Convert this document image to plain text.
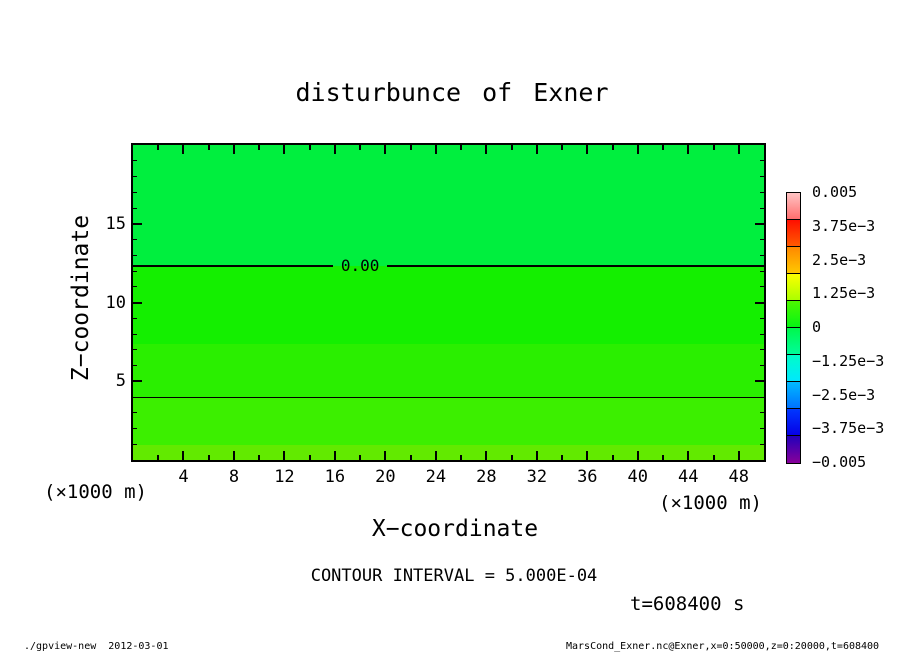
disturbunce of Exner
0.00
4 8 12 16 20 24 28 32 36 40 44 48
5
10
15
X−coordinate
Z−coordinate
(×1000 m)	(×1000 m)
0.005
3.75e−3
2.5e−3
1.25e−3
0
−1.25e−3
−2.5e−3
−3.75e−3
−0.005
CONTOUR INTERVAL = 5.000E-04
t=608400 s
./gpview-new  2012-03-01	MarsCond_Exner.nc@Exner,x=0:50000,z=0:20000,t=608400
